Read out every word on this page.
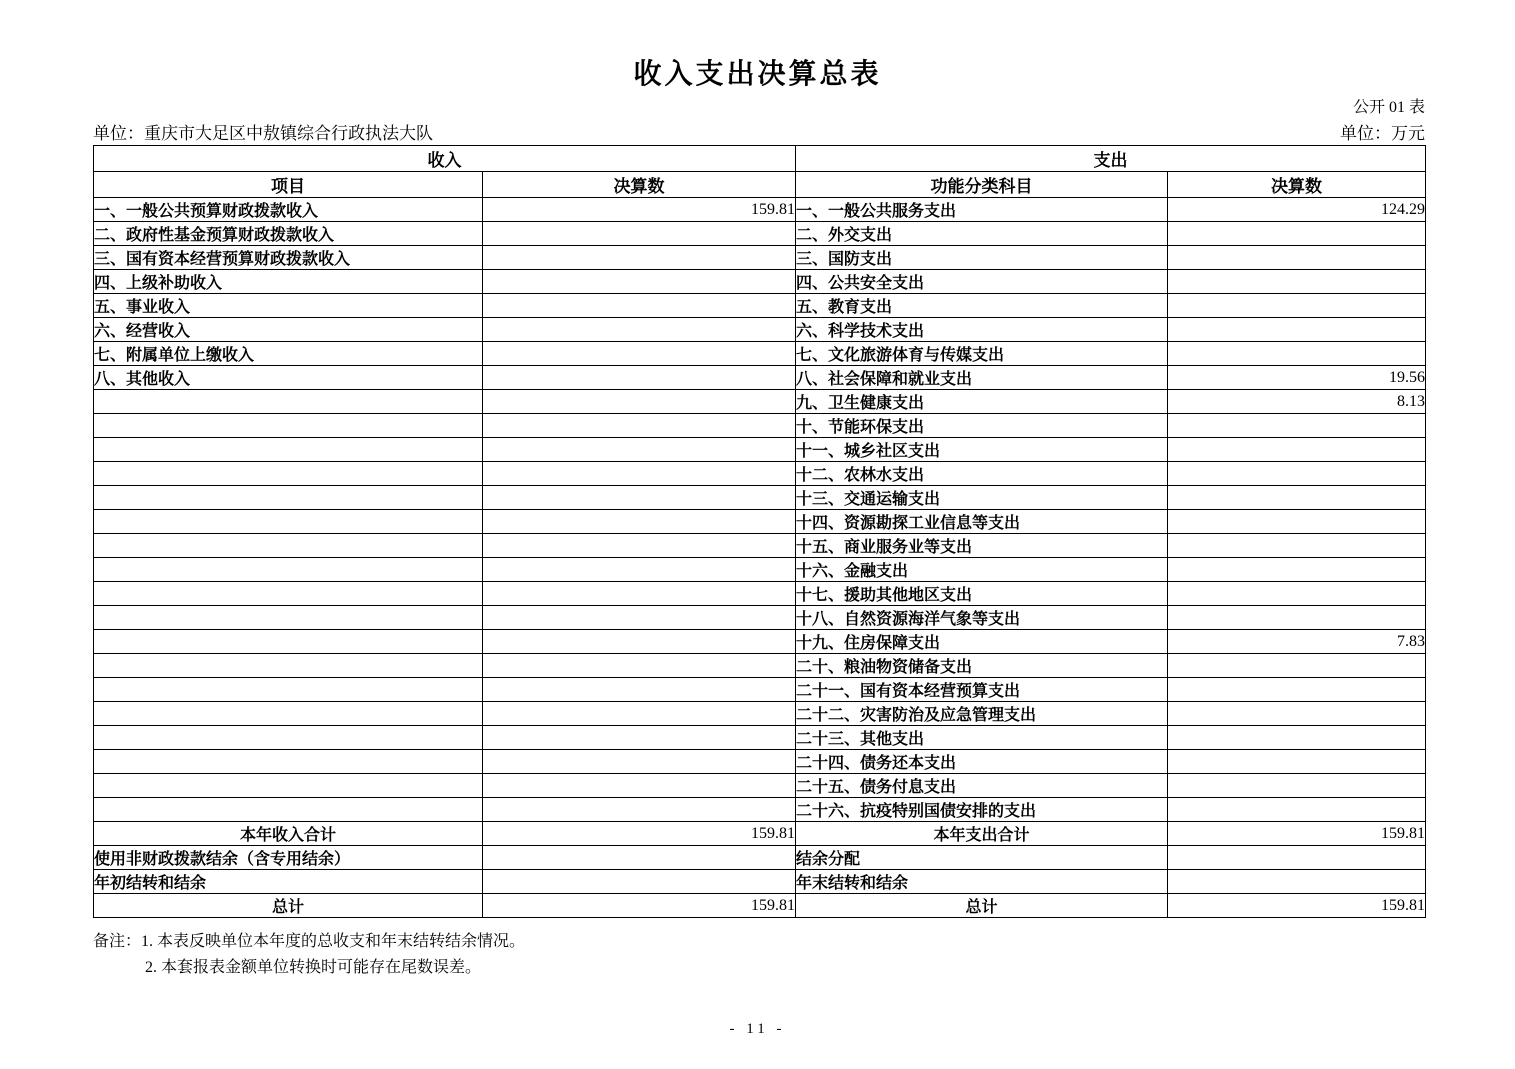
收入支出决算总表
公开 01 表
单位：重庆市大足区中敖镇综合行政执法大队	单位：万元
收入		支出	
项目	决算数	功能分类科目	决算数
一、一般公共预算财政拨款收入	159.81	一、一般公共服务支出	124.29
二、政府性基金预算财政拨款收入		二、外交支出	
三、国有资本经营预算财政拨款收入		三、国防支出	
四、上级补助收入		四、公共安全支出	
五、事业收入		五、教育支出	
六、经营收入		六、科学技术支出	
七、附属单位上缴收入		七、文化旅游体育与传媒支出	
八、其他收入		八、社会保障和就业支出	19.56
		九、卫生健康支出	8.13
		十、节能环保支出	
		十一、城乡社区支出	
		十二、农林水支出	
		十三、交通运输支出	
		十四、资源勘探工业信息等支出	
		十五、商业服务业等支出	
		十六、金融支出	
		十七、援助其他地区支出	
		十八、自然资源海洋气象等支出	
		十九、住房保障支出	7.83
		二十、粮油物资储备支出	
		二十一、国有资本经营预算支出	
		二十二、灾害防治及应急管理支出	
		二十三、其他支出	
		二十四、债务还本支出	
		二十五、债务付息支出	
		二十六、抗疫特别国债安排的支出	
本年收入合计	159.81	本年支出合计	159.81
使用非财政拨款结余（含专用结余）		结余分配	
年初结转和结余		年末结转和结余	
总计	159.81	总计	159.81
备注：1. 本表反映单位本年度的总收支和年末结转结余情况。
2. 本套报表金额单位转换时可能存在尾数误差。
- 11 -
